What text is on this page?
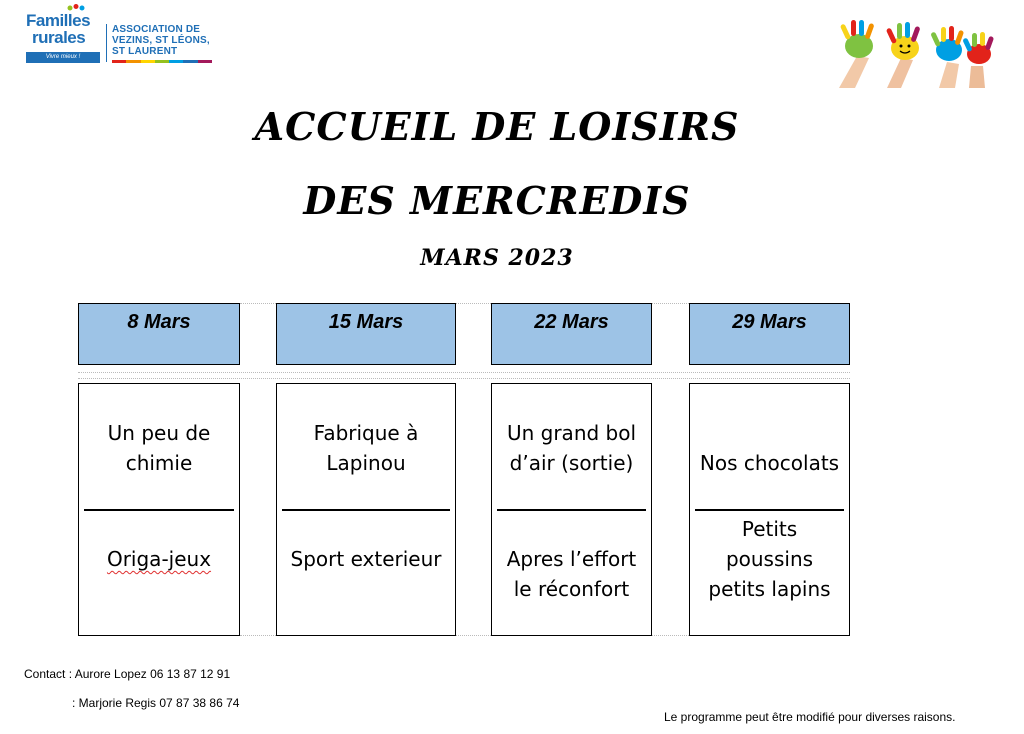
Familles
rurales
Vivre mieux !
ASSOCIATION DE
VEZINS, ST LÉONS,
ST LAURENT
ACCUEIL DE LOISIRS
DES MERCREDIS
MARS 2023
8 Mars
Un peu de chimie
Origa-jeux
15 Mars
Fabrique à Lapinou
Sport exterieur
22 Mars
Un grand bol d’air (sortie)
Apres l’effort le réconfort
29 Mars
Nos chocolats
Petits poussins petits lapins
Contact : Aurore Lopez 06 13 87 12 91
: Marjorie Regis 07 87 38 86 74
Le programme peut être modifié pour diverses raisons.
